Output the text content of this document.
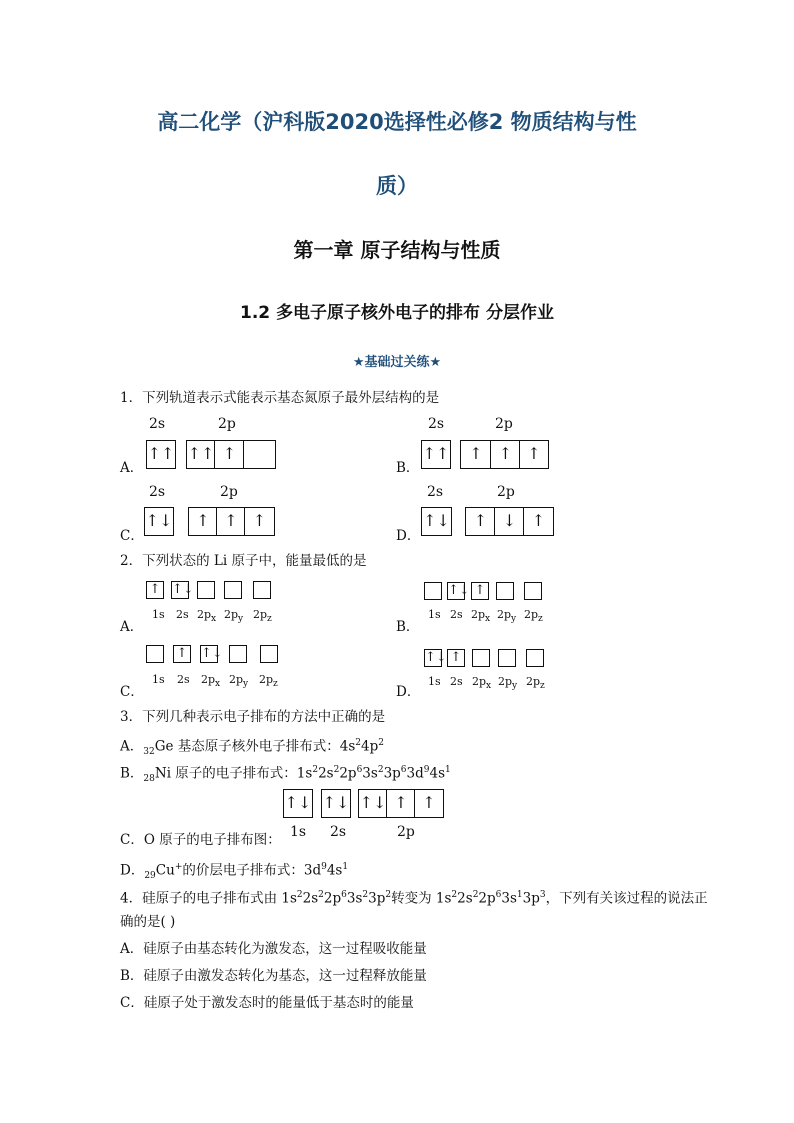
高二化学（沪科版2020选择性必修2 物质结构与性
质）
第一章 原子结构与性质
1.2 多电子原子核外电子的排布 分层作业
★基础过关练★
1．下列轨道表示式能表示基态氮原子最外层结构的是
2s	2p
A．
↑↑ ↑↑ ↑
2s	2p
B．
↑↑	↑	↑ ↑
2s	2p
C．
↑↓	↑ ↑ ↑
2s	2p
D．
↑↓	↑ ↓ ↑
2．下列状态的 Li 原子中，能量最低的是
A．
↑ ↑↓
1s 2s $2p_x$ $2p_y$ $2p_z$	B．
↑↓ ↑
1s 2s $2p_x$ $2p_y$ $2p_z$
C．
↑ ↑↓
1s 2s $2p_x$ $2p_y$ $2p_z$	D．
↑↓ ↑
1s 2s $2p_x$ $2p_y$ $2p_z$
3．下列几种表示电子排布的方法中正确的是
A．$_{32}$Ge 基态原子核外电子排布式：$4s^24p^2$
B．$_{28}$Ni 原子的电子排布式：$1s^22s^22p^63s^23p^63d^94s^1$
↑↓ ↑↓ ↑↓ ↑ ↑
1s 2s	2p
C．O 原子的电子排布图：
D．$_{29}$Cu+的价层电子排布式：$3d^94s^1$
4．硅原子的电子排布式由 $1s^22s^22p^63s^23p^2$转变为 $1s^22s^22p^63s^13p^3$，下列有关该过程的说法正
确的是( )
A．硅原子由基态转化为激发态，这一过程吸收能量
B．硅原子由激发态转化为基态，这一过程释放能量
C．硅原子处于激发态时的能量低于基态时的能量
